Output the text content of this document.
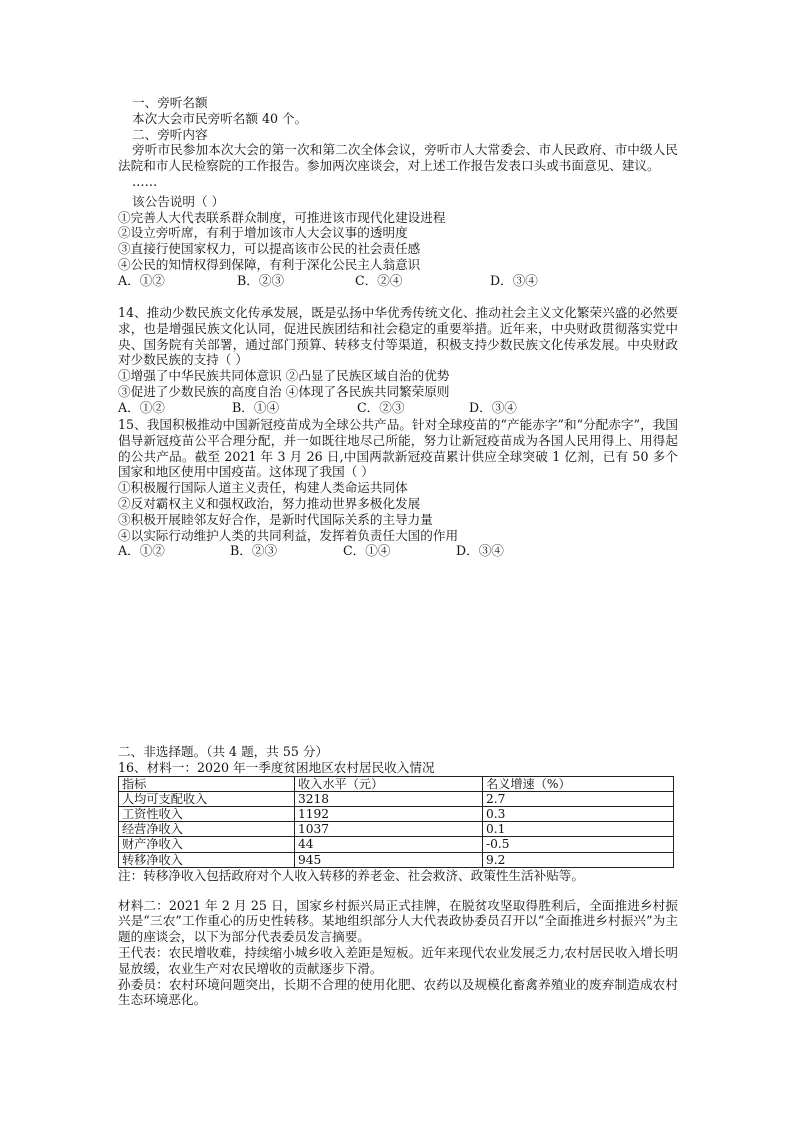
一、旁听名额
本次大会市民旁听名额 40 个。
二、旁听内容
旁听市民参加本次大会的第一次和第二次全体会议，旁听市人大常委会、市人民政府、市中级人民法院和市人民检察院的工作报告。参加两次座谈会，对上述工作报告发表口头或书面意见、建议。
……
该公告说明（ ）
①完善人大代表联系群众制度，可推进该市现代化建设进程
②设立旁听席，有利于增加该市人大会议事的透明度
③直接行使国家权力，可以提高该市公民的社会责任感
④公民的知情权得到保障，有利于深化公民主人翁意识
A．①②	B．②③	C．②④	D．③④
14、推动少数民族文化传承发展，既是弘扬中华优秀传统文化、推动社会主义文化繁荣兴盛的必然要求，也是增强民族文化认同，促进民族团结和社会稳定的重要举措。近年来，中央财政贯彻落实党中央、国务院有关部署，通过部门预算、转移支付等渠道，积极支持少数民族文化传承发展。中央财政对少数民族的支持（ ）
①增强了中华民族共同体意识 ②凸显了民族区域自治的优势
③促进了少数民族的高度自治 ④体现了各民族共同繁荣原则
A．①②	B．①④	C．②③	D．③④
15、我国积极推动中国新冠疫苗成为全球公共产品。针对全球疫苗的“产能赤字”和“分配赤字”，我国倡导新冠疫苗公平合理分配，并一如既往地尽己所能，努力让新冠疫苗成为各国人民用得上、用得起的公共产品。截至 2021 年 3 月 26 日,中国两款新冠疫苗累计供应全球突破 1 亿剂，已有 50 多个国家和地区使用中国疫苗。这体现了我国（ ）
①积极履行国际人道主义责任，构建人类命运共同体
②反对霸权主义和强权政治，努力推动世界多极化发展
③积极开展睦邻友好合作，是新时代国际关系的主导力量
④以实际行动维护人类的共同利益，发挥着负责任大国的作用
A．①②	B．②③	C．①④	D．③④
二、非选择题。（共 4 题，共 55 分）
16、材料一：2020 年一季度贫困地区农村居民收入情况
指标	收入水平（元）	名义增速（%）
人均可支配收入	3218	2.7
工资性收入	1192	0.3
经营净收入	1037	0.1
财产净收入	44	-0.5
转移净收入	945	9.2
注：转移净收入包括政府对个人收入转移的养老金、社会救济、政策性生活补贴等。
材料二：2021 年 2 月 25 日，国家乡村振兴局正式挂牌，在脱贫攻坚取得胜利后，全面推进乡村振兴是“三农”工作重心的历史性转移。某地组织部分人大代表政协委员召开以“全面推进乡村振兴”为主题的座谈会，以下为部分代表委员发言摘要。
王代表：农民增收难，持续缩小城乡收入差距是短板。近年来现代农业发展乏力,农村居民收入增长明显放缓，农业生产对农民增收的贡献逐步下滑。
孙委员：农村环境问题突出，长期不合理的使用化肥、农药以及规模化畜禽养殖业的废弃制造成农村生态环境恶化。
